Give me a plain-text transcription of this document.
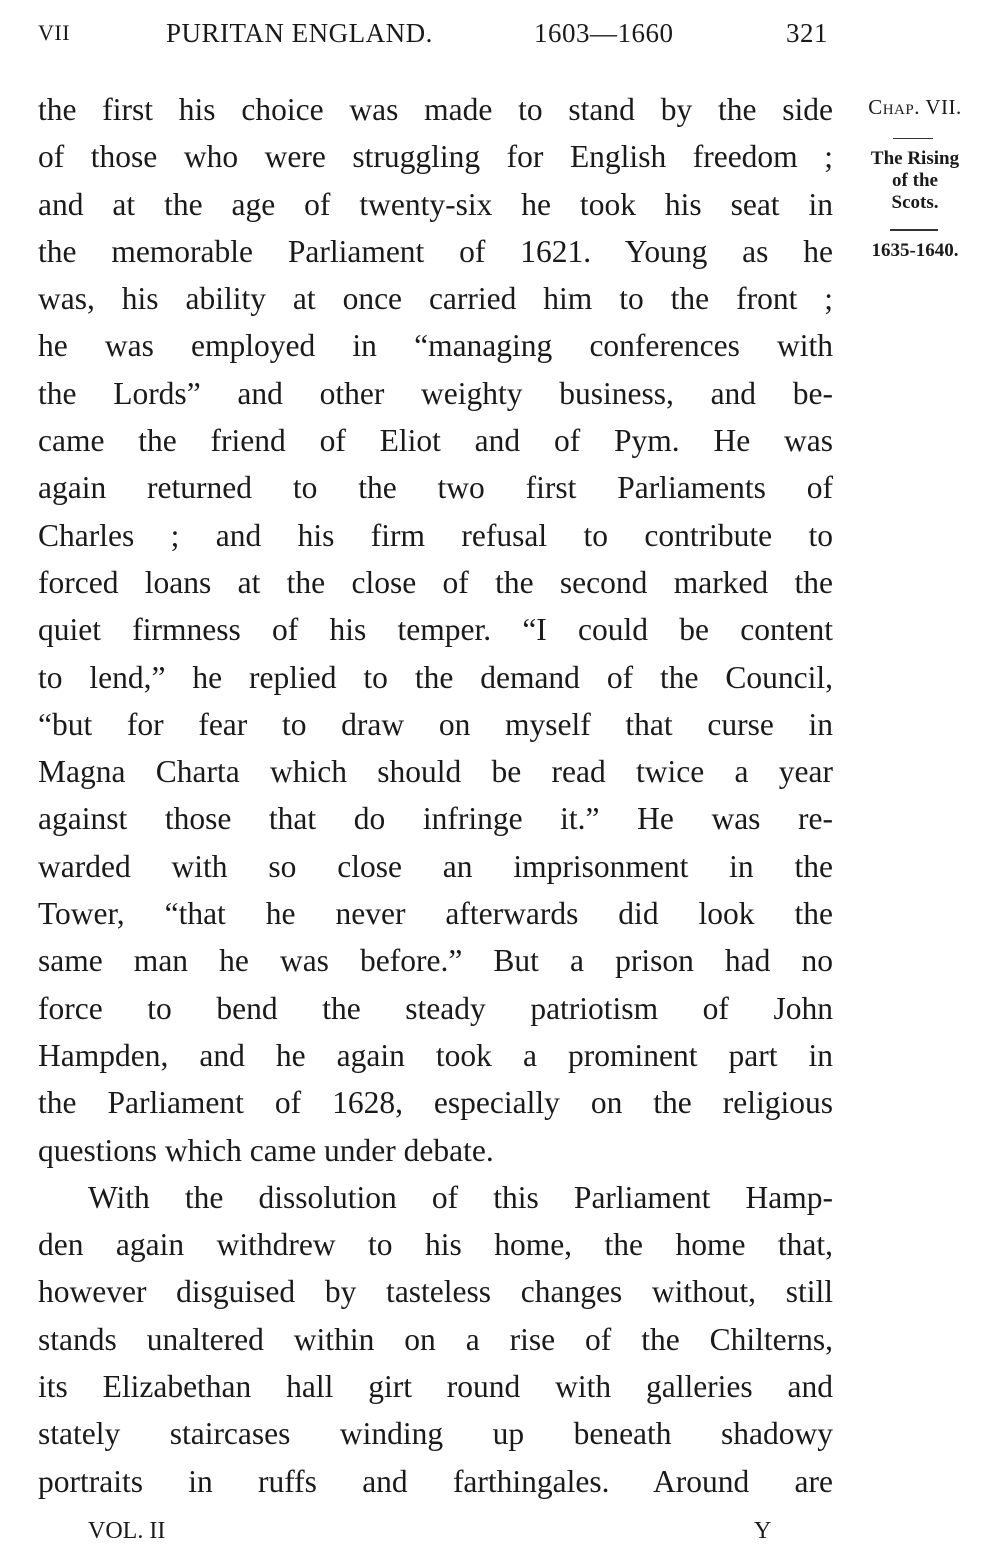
VII	PURITAN ENGLAND.	1603—1660	321
the first his choice was made to stand by the side
of those who were struggling for English freedom ;
and at the age of twenty-six he took his seat in
the memorable Parliament of 1621. Young as he
was, his ability at once carried him to the front ;
he was employed in “managing conferences with
the Lords” and other weighty business, and be-
came the friend of Eliot and of Pym. He was
again returned to the two first Parliaments of
Charles ; and his firm refusal to contribute to
forced loans at the close of the second marked the
quiet firmness of his temper. “I could be content
to lend,” he replied to the demand of the Council,
“but for fear to draw on myself that curse in
Magna Charta which should be read twice a year
against those that do infringe it.” He was re-
warded with so close an imprisonment in the
Tower, “that he never afterwards did look the
same man he was before.” But a prison had no
force to bend the steady patriotism of John
Hampden, and he again took a prominent part in
the Parliament of 1628, especially on the religious
questions which came under debate.
With the dissolution of this Parliament Hamp-
den again withdrew to his home, the home that,
however disguised by tasteless changes without, still
stands unaltered within on a rise of the Chilterns,
its Elizabethan hall girt round with galleries and
stately staircases winding up beneath shadowy
portraits in ruffs and farthingales. Around are
Chap. VII.
The Rising
of the
Scots.
1635-1640.
VOL. II	Y
